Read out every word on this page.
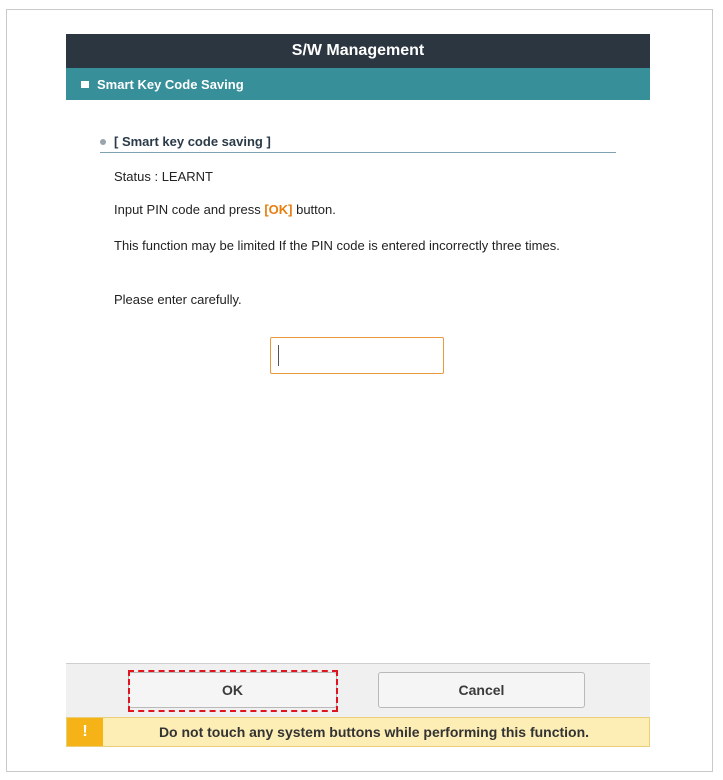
S/W Management
Smart Key Code Saving
[ Smart key code saving ]
Status : LEARNT
Input PIN code and press [OK] button.
This function may be limited If the PIN code is entered incorrectly three times.
Please enter carefully.
OK	Cancel
!	Do not touch any system buttons while performing this function.
